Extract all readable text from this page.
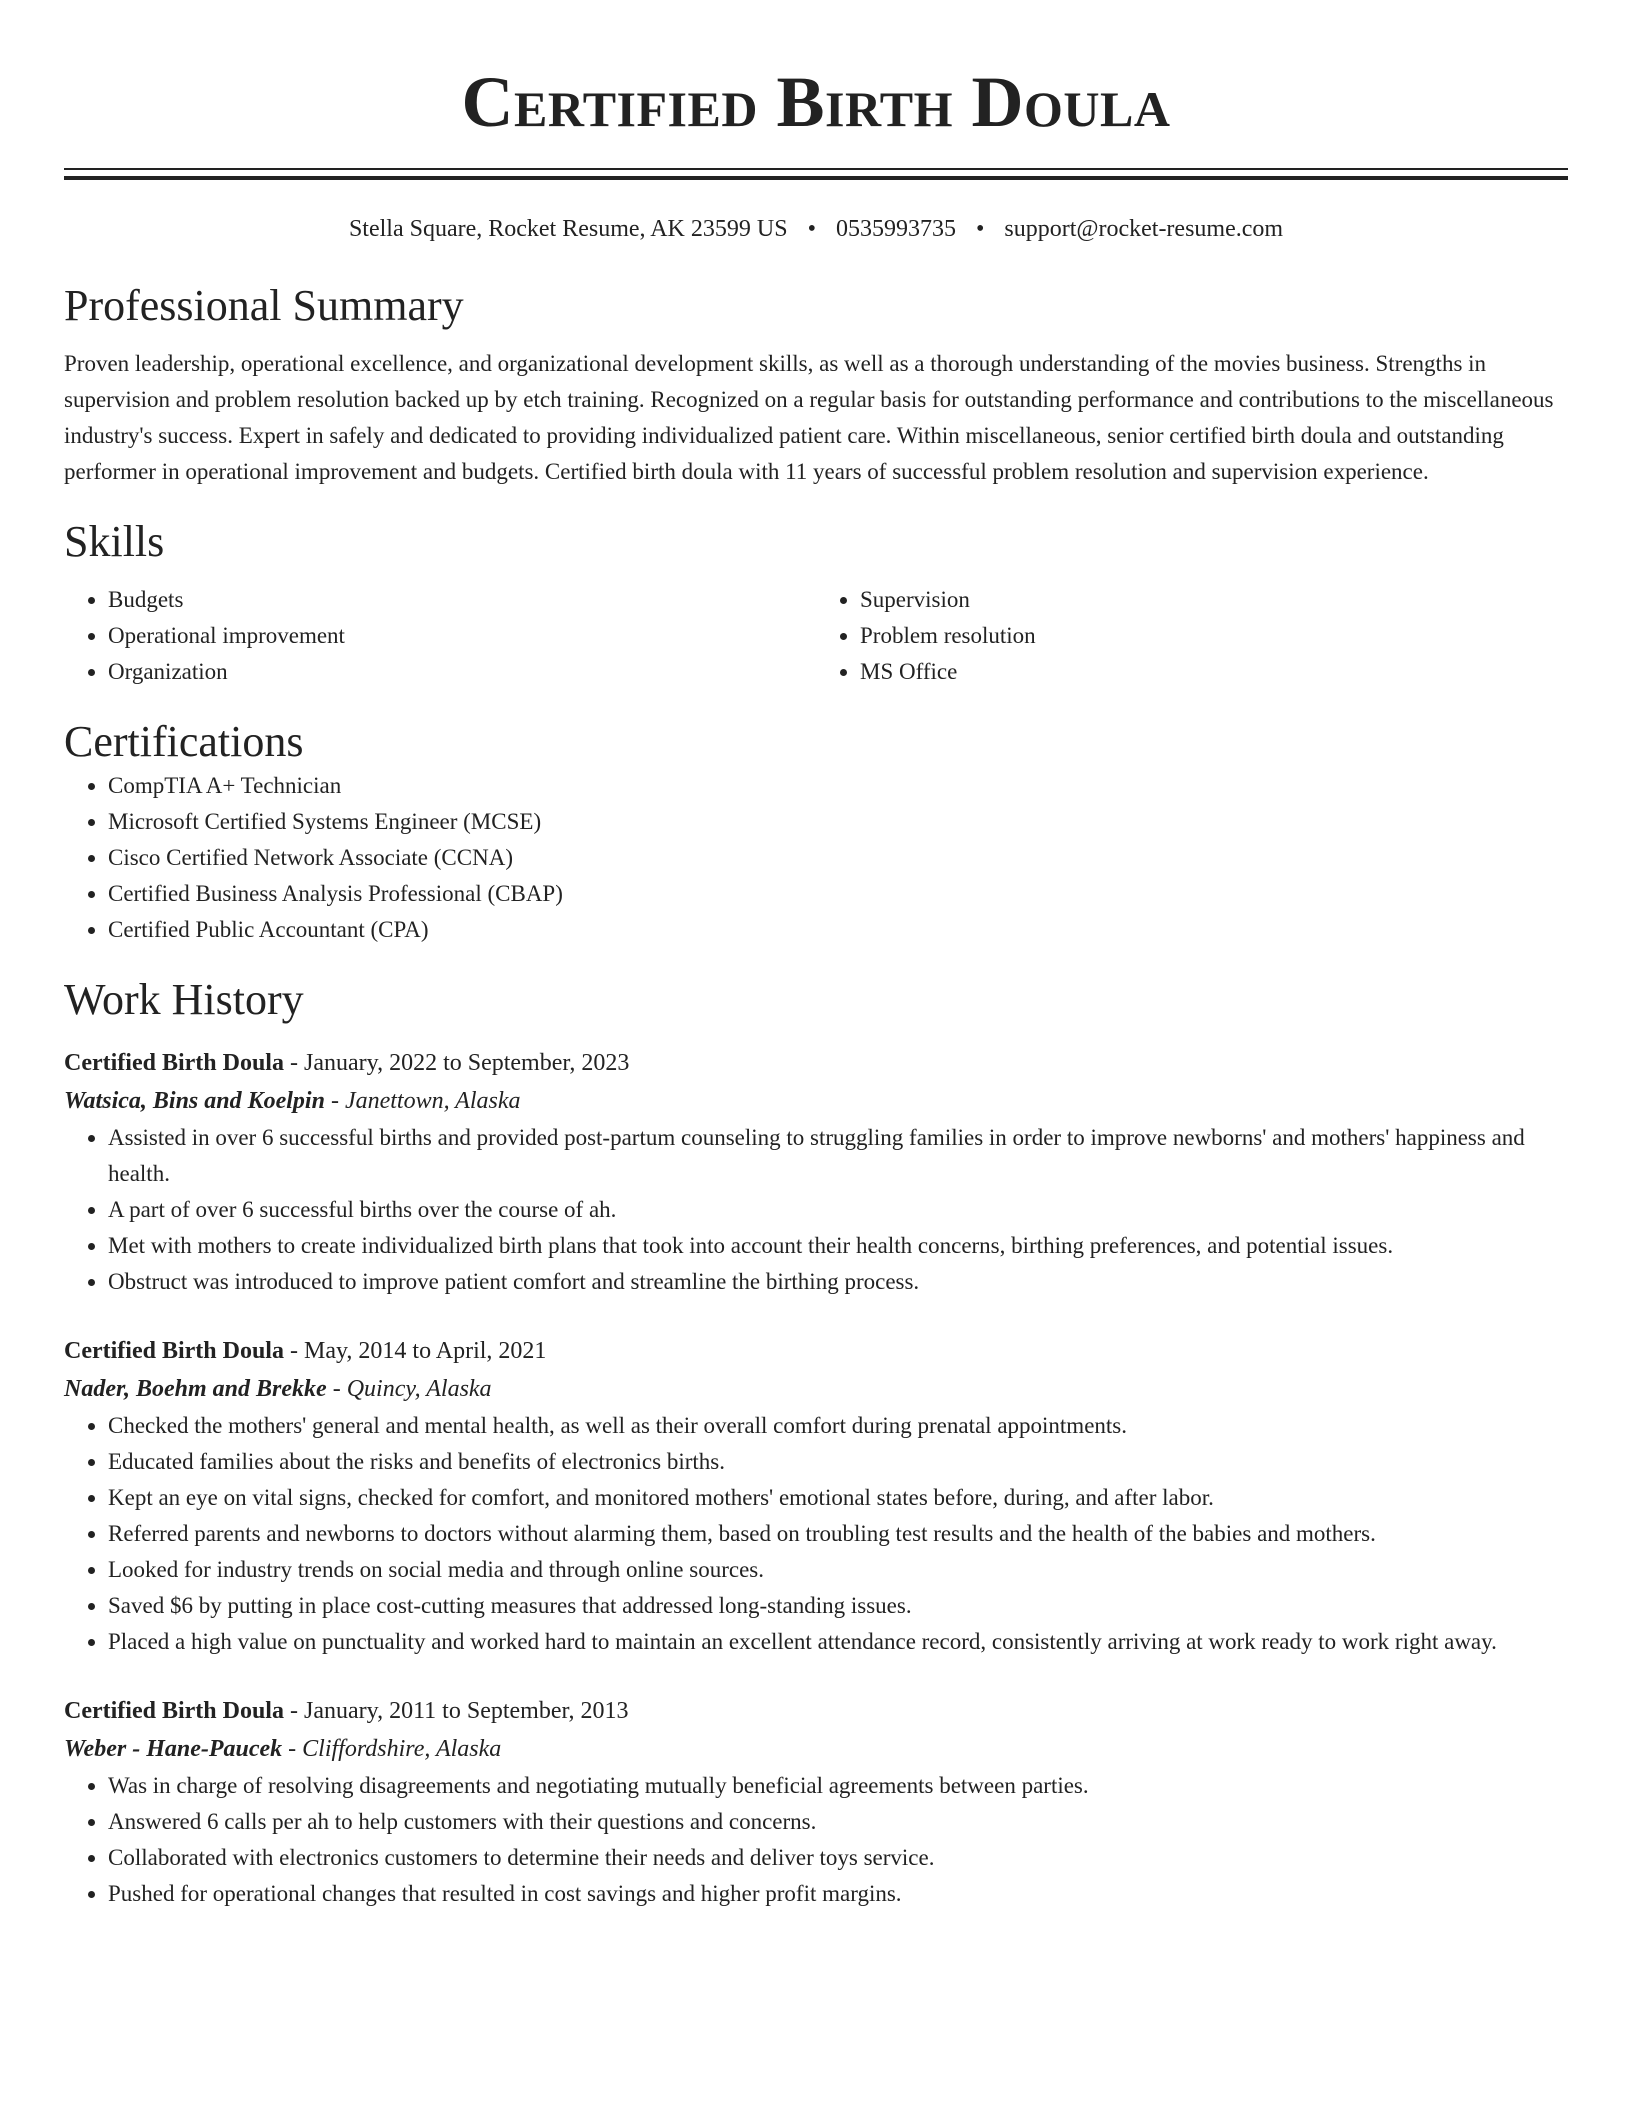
Certified Birth Doula
Stella Square, Rocket Resume, AK 23599 US • 0535993735 • support@rocket-resume.com
Professional Summary
Proven leadership, operational excellence, and organizational development skills, as well as a thorough understanding of the movies business. Strengths in supervision and problem resolution backed up by etch training. Recognized on a regular basis for outstanding performance and contributions to the miscellaneous industry's success. Expert in safely and dedicated to providing individualized patient care. Within miscellaneous, senior certified birth doula and outstanding performer in operational improvement and budgets. Certified birth doula with 11 years of successful problem resolution and supervision experience.
Skills
• Budgets
• Operational improvement
• Organization
• Supervision
• Problem resolution
• MS Office
Certifications
• CompTIA A+ Technician
• Microsoft Certified Systems Engineer (MCSE)
• Cisco Certified Network Associate (CCNA)
• Certified Business Analysis Professional (CBAP)
• Certified Public Accountant (CPA)
Work History
Certified Birth Doula - January, 2022 to September, 2023
Watsica, Bins and Koelpin - Janettown, Alaska
• Assisted in over 6 successful births and provided post-partum counseling to struggling families in order to improve newborns' and mothers' happiness and health.
• A part of over 6 successful births over the course of ah.
• Met with mothers to create individualized birth plans that took into account their health concerns, birthing preferences, and potential issues.
• Obstruct was introduced to improve patient comfort and streamline the birthing process.
Certified Birth Doula - May, 2014 to April, 2021
Nader, Boehm and Brekke - Quincy, Alaska
• Checked the mothers' general and mental health, as well as their overall comfort during prenatal appointments.
• Educated families about the risks and benefits of electronics births.
• Kept an eye on vital signs, checked for comfort, and monitored mothers' emotional states before, during, and after labor.
• Referred parents and newborns to doctors without alarming them, based on troubling test results and the health of the babies and mothers.
• Looked for industry trends on social media and through online sources.
• Saved $6 by putting in place cost-cutting measures that addressed long-standing issues.
• Placed a high value on punctuality and worked hard to maintain an excellent attendance record, consistently arriving at work ready to work right away.
Certified Birth Doula - January, 2011 to September, 2013
Weber - Hane-Paucek - Cliffordshire, Alaska
• Was in charge of resolving disagreements and negotiating mutually beneficial agreements between parties.
• Answered 6 calls per ah to help customers with their questions and concerns.
• Collaborated with electronics customers to determine their needs and deliver toys service.
• Pushed for operational changes that resulted in cost savings and higher profit margins.
